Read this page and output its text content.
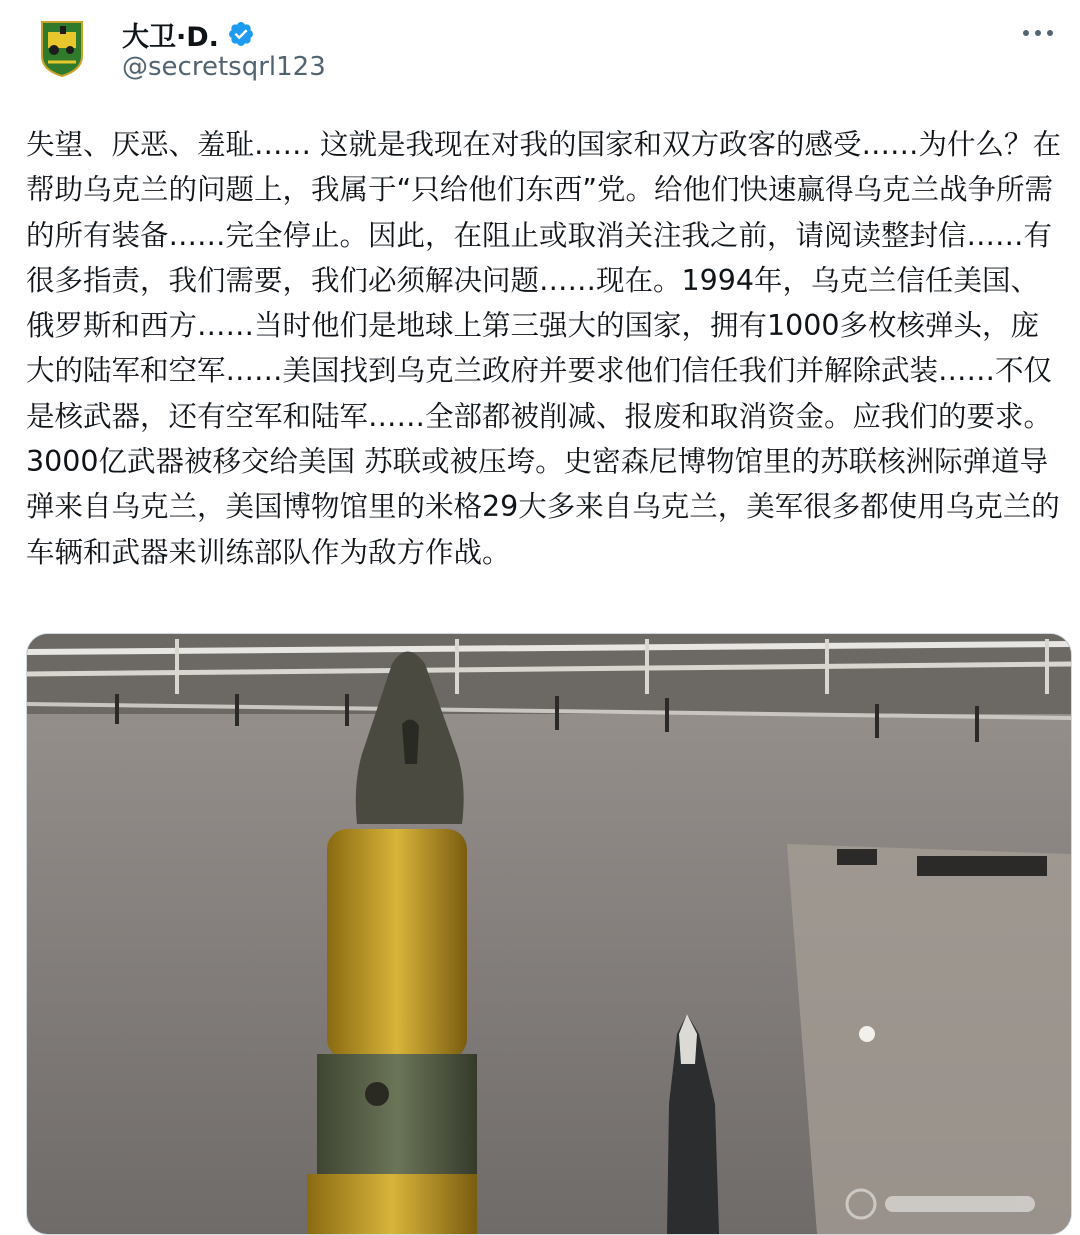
大卫·D.
@secretsqrl123
失望、厌恶、羞耻…… 这就是我现在对我的国家和双方政客的感受……为什么？在帮助乌克兰的问题上，我属于“只给他们东西”党。给他们快速赢得乌克兰战争所需的所有装备……完全停止。因此，在阻止或取消关注我之前，请阅读整封信……有很多指责，我们需要，我们必须解决问题……现在。1994年，乌克兰信任美国、俄罗斯和西方……当时他们是地球上第三强大的国家，拥有1000多枚核弹头，庞大的陆军和空军……美国找到乌克兰政府并要求他们信任我们并解除武装……不仅是核武器，还有空军和陆军……全部都被削减、报废和取消资金。应我们的要求。3000亿武器被移交给美国 苏联或被压垮。史密森尼博物馆里的苏联核洲际弹道导弹来自乌克兰，美国博物馆里的米格29大多来自乌克兰，美军很多都使用乌克兰的车辆和武器来训练部队作为敌方作战。
